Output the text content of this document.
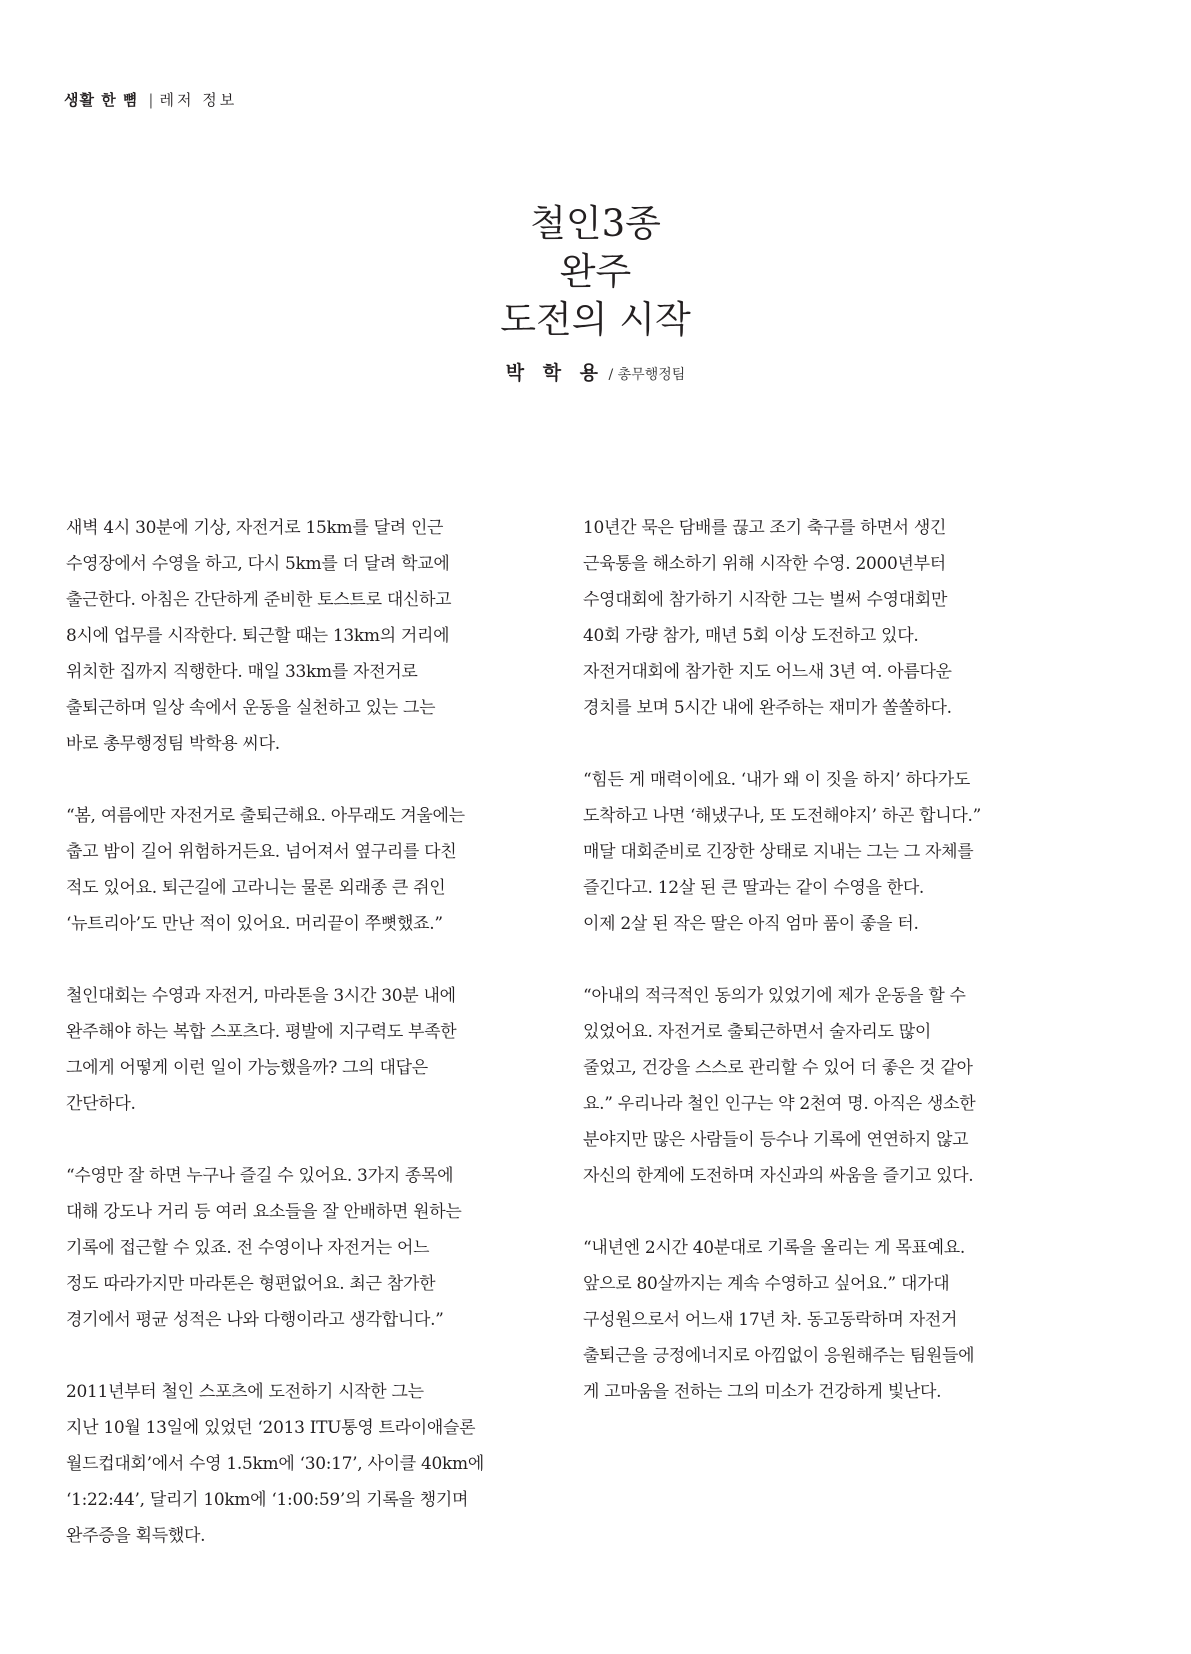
생활 한 뼘 | 레저 정보
철인3종
완주
도전의 시작
박 학 용 / 총무행정팀

새벽 4시 30분에 기상, 자전거로 15km를 달려 인근
수영장에서 수영을 하고, 다시 5km를 더 달려 학교에
출근한다. 아침은 간단하게 준비한 토스트로 대신하고
8시에 업무를 시작한다. 퇴근할 때는 13km의 거리에
위치한 집까지 직행한다. 매일 33km를 자전거로
출퇴근하며 일상 속에서 운동을 실천하고 있는 그는
바로 총무행정팀 박학용 씨다.

“봄, 여름에만 자전거로 출퇴근해요. 아무래도 겨울에는
춥고 밤이 길어 위험하거든요. 넘어져서 옆구리를 다친
적도 있어요. 퇴근길에 고라니는 물론 외래종 큰 쥐인
‘뉴트리아’도 만난 적이 있어요. 머리끝이 쭈뼛했죠.”

철인대회는 수영과 자전거, 마라톤을 3시간 30분 내에
완주해야 하는 복합 스포츠다. 평발에 지구력도 부족한
그에게 어떻게 이런 일이 가능했을까? 그의 대답은
간단하다.

“수영만 잘 하면 누구나 즐길 수 있어요. 3가지 종목에
대해 강도나 거리 등 여러 요소들을 잘 안배하면 원하는
기록에 접근할 수 있죠. 전 수영이나 자전거는 어느
정도 따라가지만 마라톤은 형편없어요. 최근 참가한
경기에서 평균 성적은 나와 다행이라고 생각합니다.”

2011년부터 철인 스포츠에 도전하기 시작한 그는
지난 10월 13일에 있었던 ‘2013 ITU통영 트라이애슬론
월드컵대회’에서 수영 1.5km에 ‘30:17’, 사이클 40km에
‘1:22:44’, 달리기 10km에 ‘1:00:59’의 기록을 챙기며
완주증을 획득했다.

10년간 묵은 담배를 끊고 조기 축구를 하면서 생긴
근육통을 해소하기 위해 시작한 수영. 2000년부터
수영대회에 참가하기 시작한 그는 벌써 수영대회만
40회 가량 참가, 매년 5회 이상 도전하고 있다.
자전거대회에 참가한 지도 어느새 3년 여. 아름다운
경치를 보며 5시간 내에 완주하는 재미가 쏠쏠하다.

“힘든 게 매력이에요. ‘내가 왜 이 짓을 하지’ 하다가도
도착하고 나면 ‘해냈구나, 또 도전해야지’ 하곤 합니다.”
매달 대회준비로 긴장한 상태로 지내는 그는 그 자체를
즐긴다고. 12살 된 큰 딸과는 같이 수영을 한다.
이제 2살 된 작은 딸은 아직 엄마 품이 좋을 터.

“아내의 적극적인 동의가 있었기에 제가 운동을 할 수
있었어요. 자전거로 출퇴근하면서 술자리도 많이
줄었고, 건강을 스스로 관리할 수 있어 더 좋은 것 같아
요.” 우리나라 철인 인구는 약 2천여 명. 아직은 생소한
분야지만 많은 사람들이 등수나 기록에 연연하지 않고
자신의 한계에 도전하며 자신과의 싸움을 즐기고 있다.

“내년엔 2시간 40분대로 기록을 올리는 게 목표예요.
앞으로 80살까지는 계속 수영하고 싶어요.” 대가대
구성원으로서 어느새 17년 차. 동고동락하며 자전거
출퇴근을 긍정에너지로 아낌없이 응원해주는 팀원들에
게 고마움을 전하는 그의 미소가 건강하게 빛난다.
